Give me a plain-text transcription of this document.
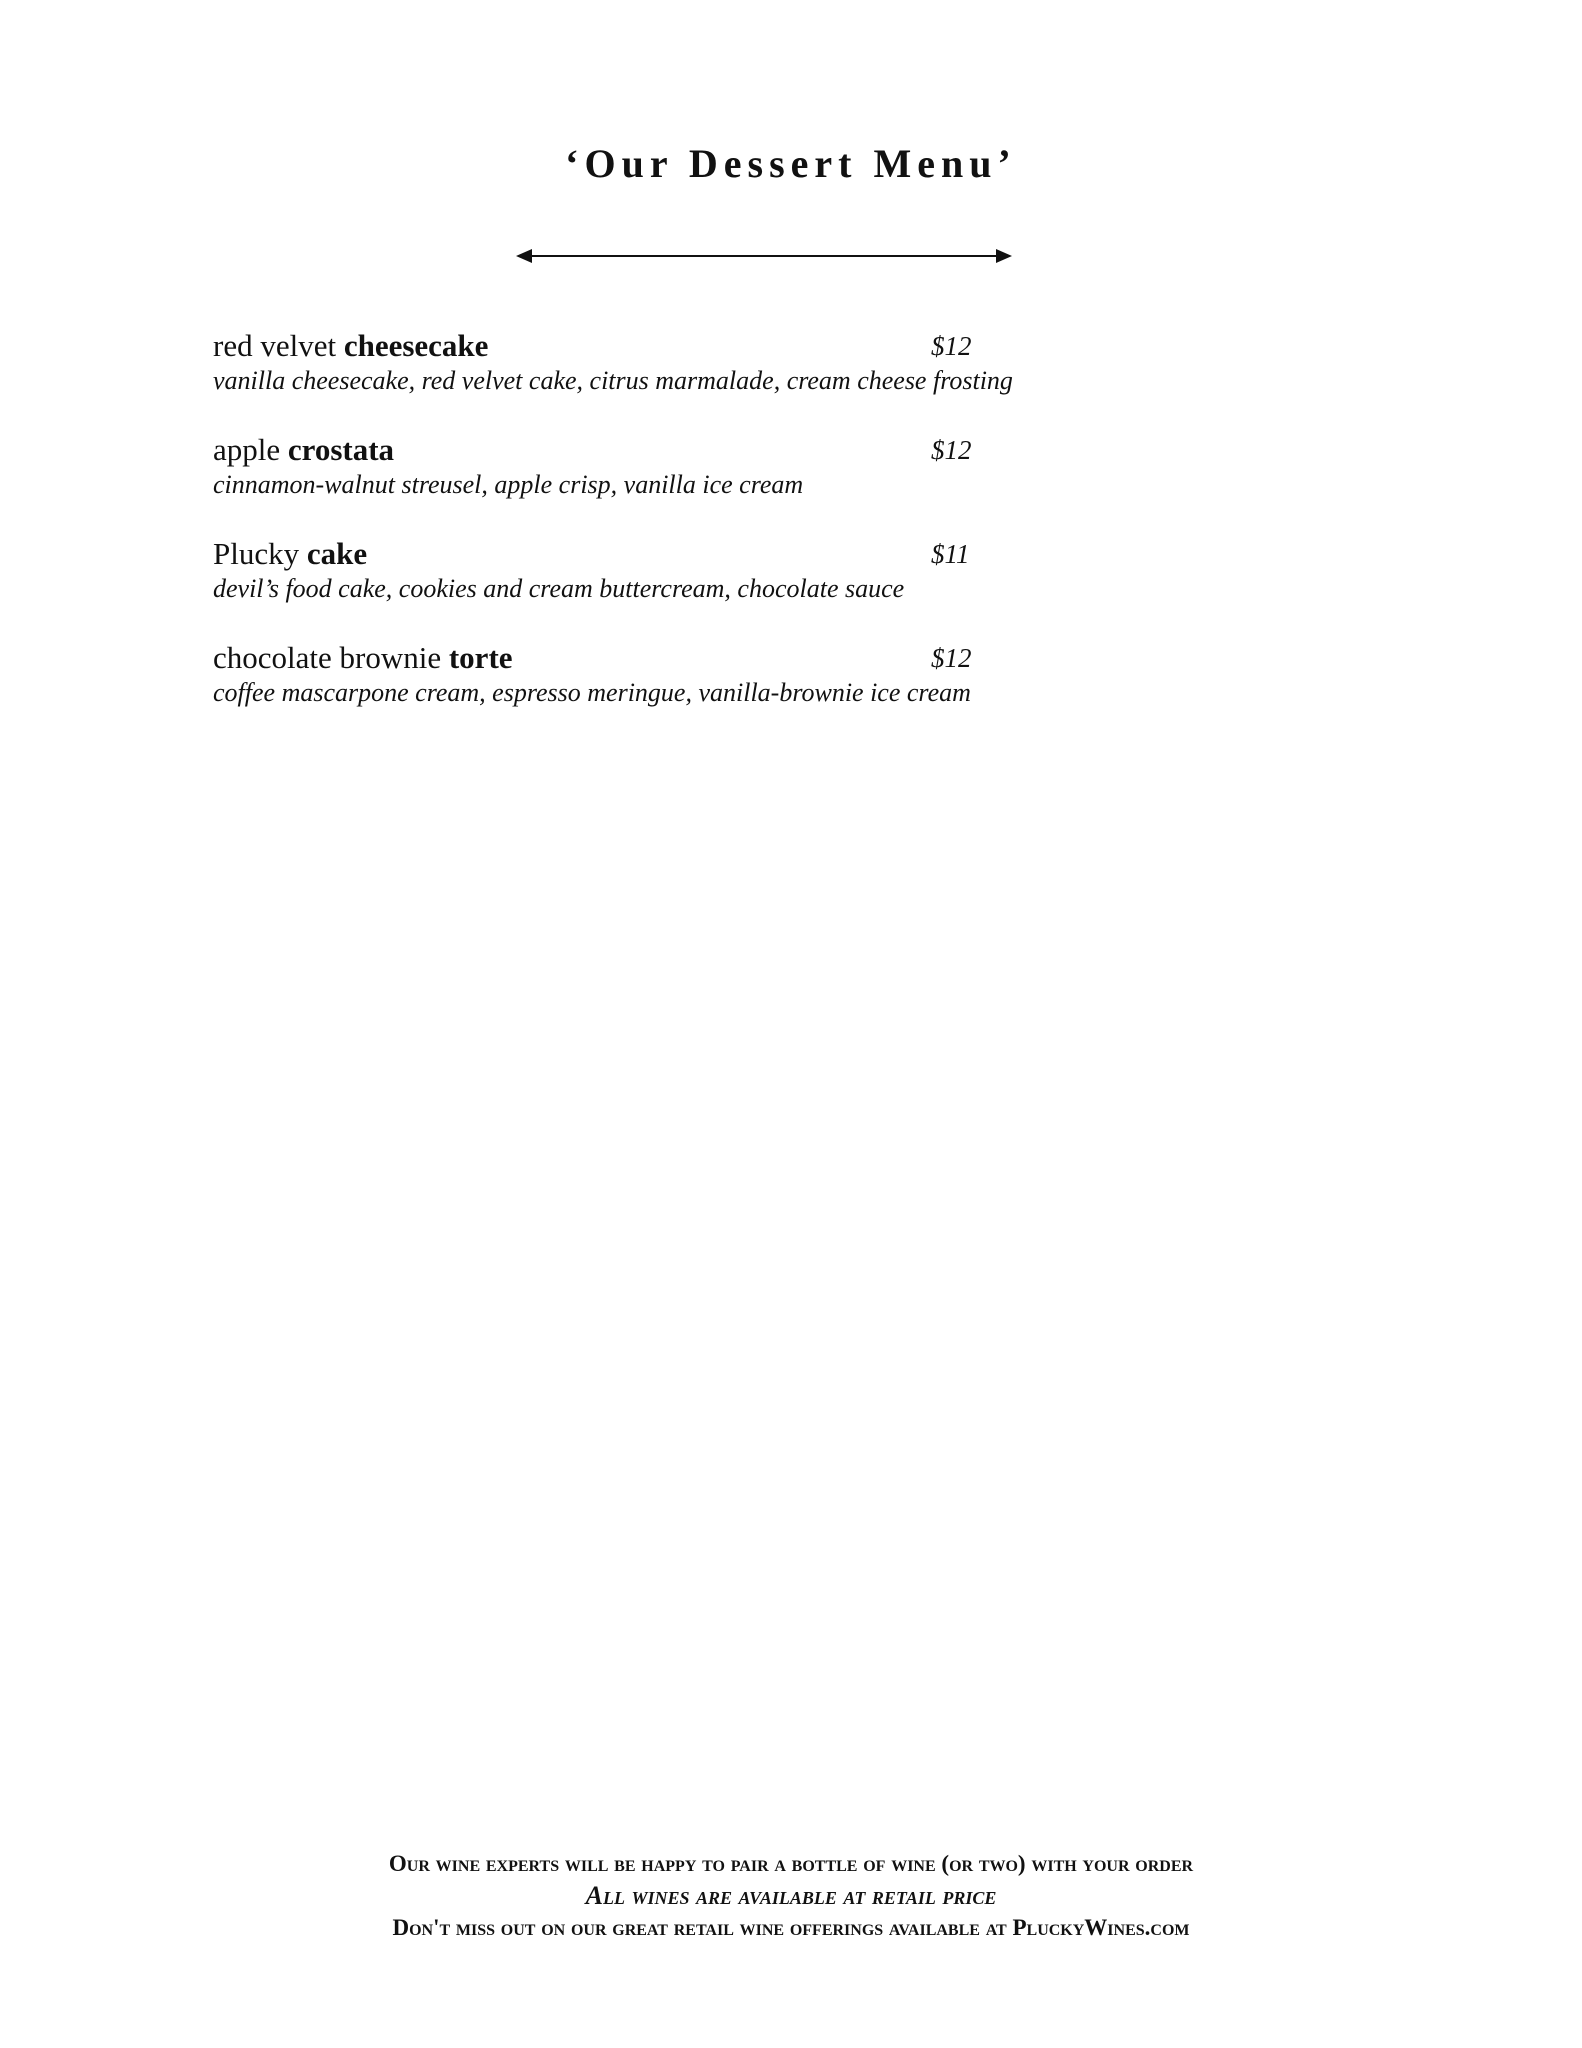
‘Our Dessert Menu’
red velvet cheesecake	$12
vanilla cheesecake, red velvet cake, citrus marmalade, cream cheese frosting
apple crostata	$12
cinnamon-walnut streusel, apple crisp, vanilla ice cream
Plucky cake	$11
devil’s food cake, cookies and cream buttercream, chocolate sauce
chocolate brownie torte	$12
coffee mascarpone cream, espresso meringue, vanilla-brownie ice cream
Our wine experts will be happy to pair a bottle of wine (or two) with your order
All wines are available at retail price
Don't miss out on our great retail wine offerings available at PluckyWines.com
